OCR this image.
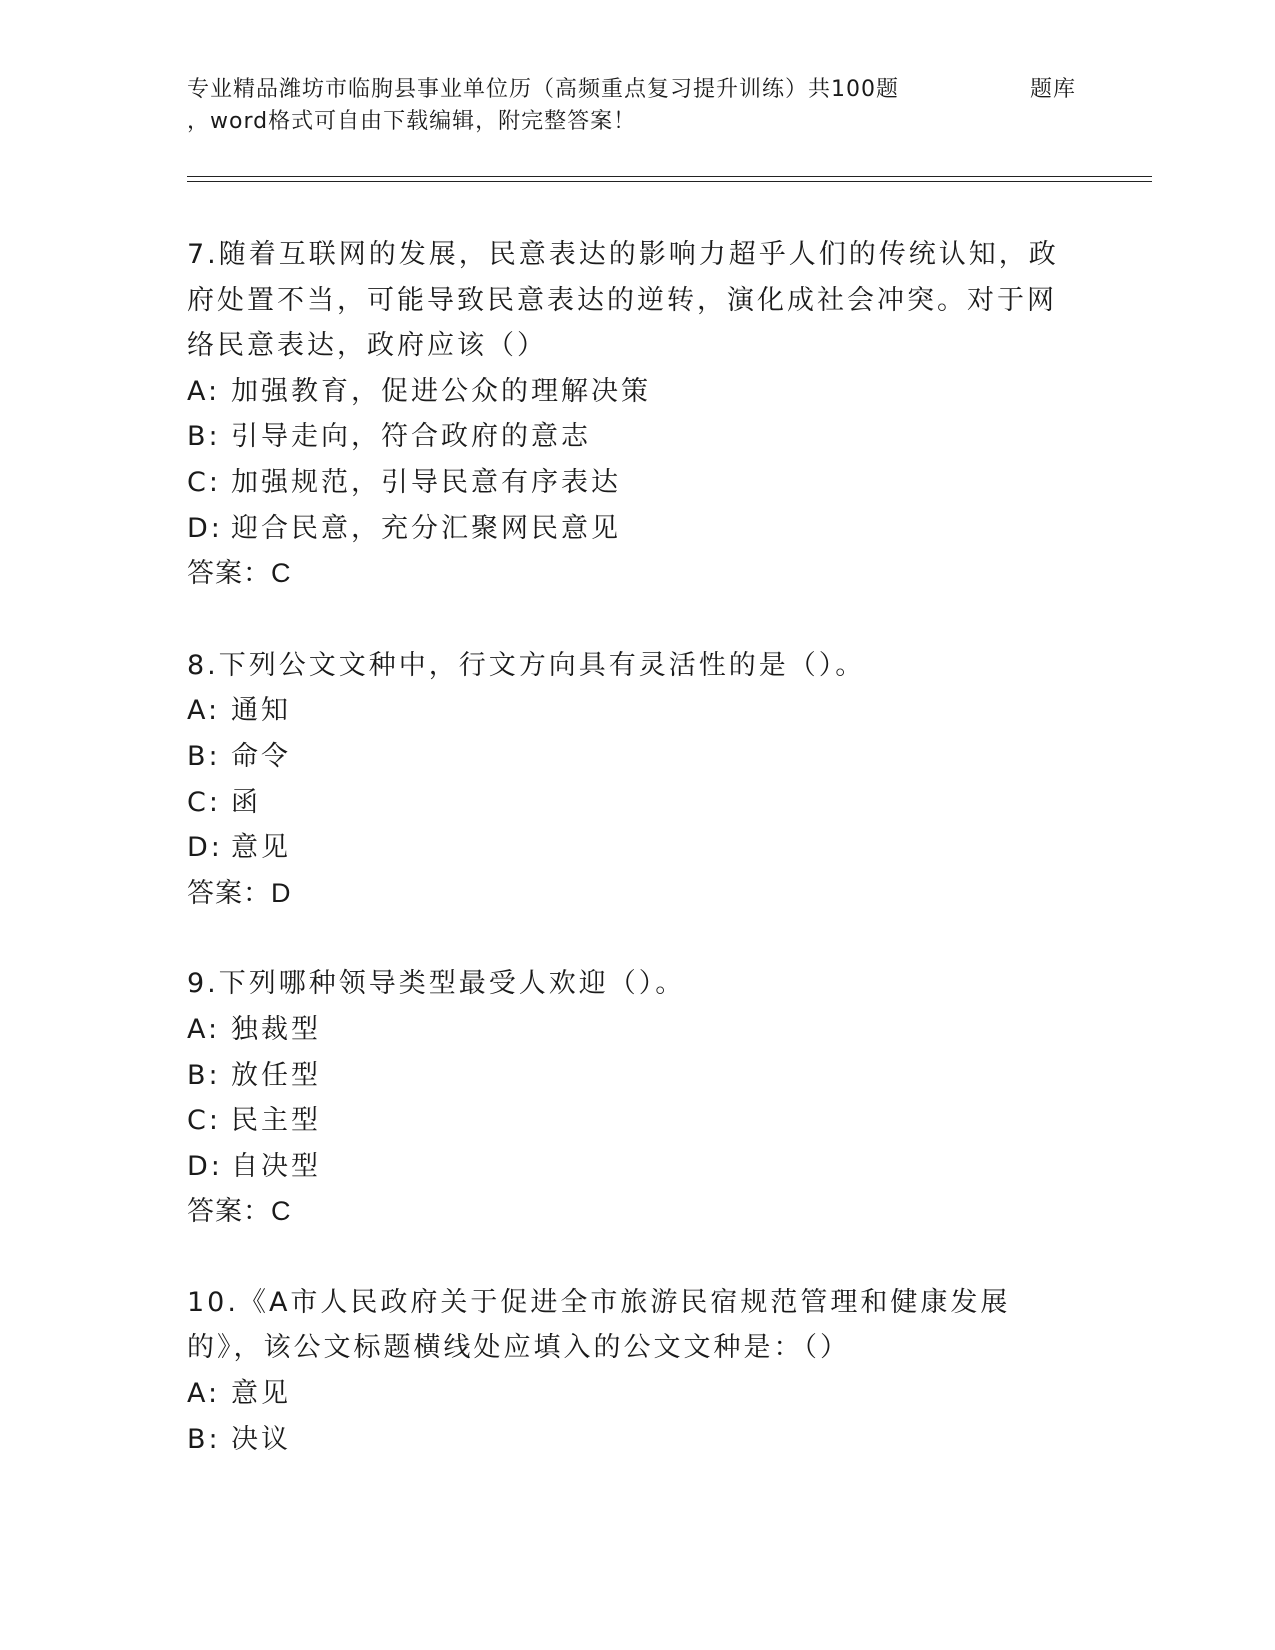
专业精品潍坊市临朐县事业单位历（高频重点复习提升训练）共100题	题库
，word格式可自由下载编辑，附完整答案！

7.随着互联网的发展，民意表达的影响力超乎人们的传统认知，政府处置不当，可能导致民意表达的逆转，演化成社会冲突。对于网络民意表达，政府应该（）

A: 加强教育，促进公众的理解决策

B: 引导走向，符合政府的意志

C: 加强规范，引导民意有序表达

D: 迎合民意，充分汇聚网民意见

答案：C

8.下列公文文种中，行文方向具有灵活性的是（）。

A: 通知

B: 命令

C: 函

D: 意见

答案：D

9.下列哪种领导类型最受人欢迎（）。

A: 独裁型

B: 放任型

C: 民主型

D: 自决型

答案：C

10.《A市人民政府关于促进全市旅游民宿规范管理和健康发展的》，该公文标题横线处应填入的公文文种是：（）

A: 意见

B: 决议
